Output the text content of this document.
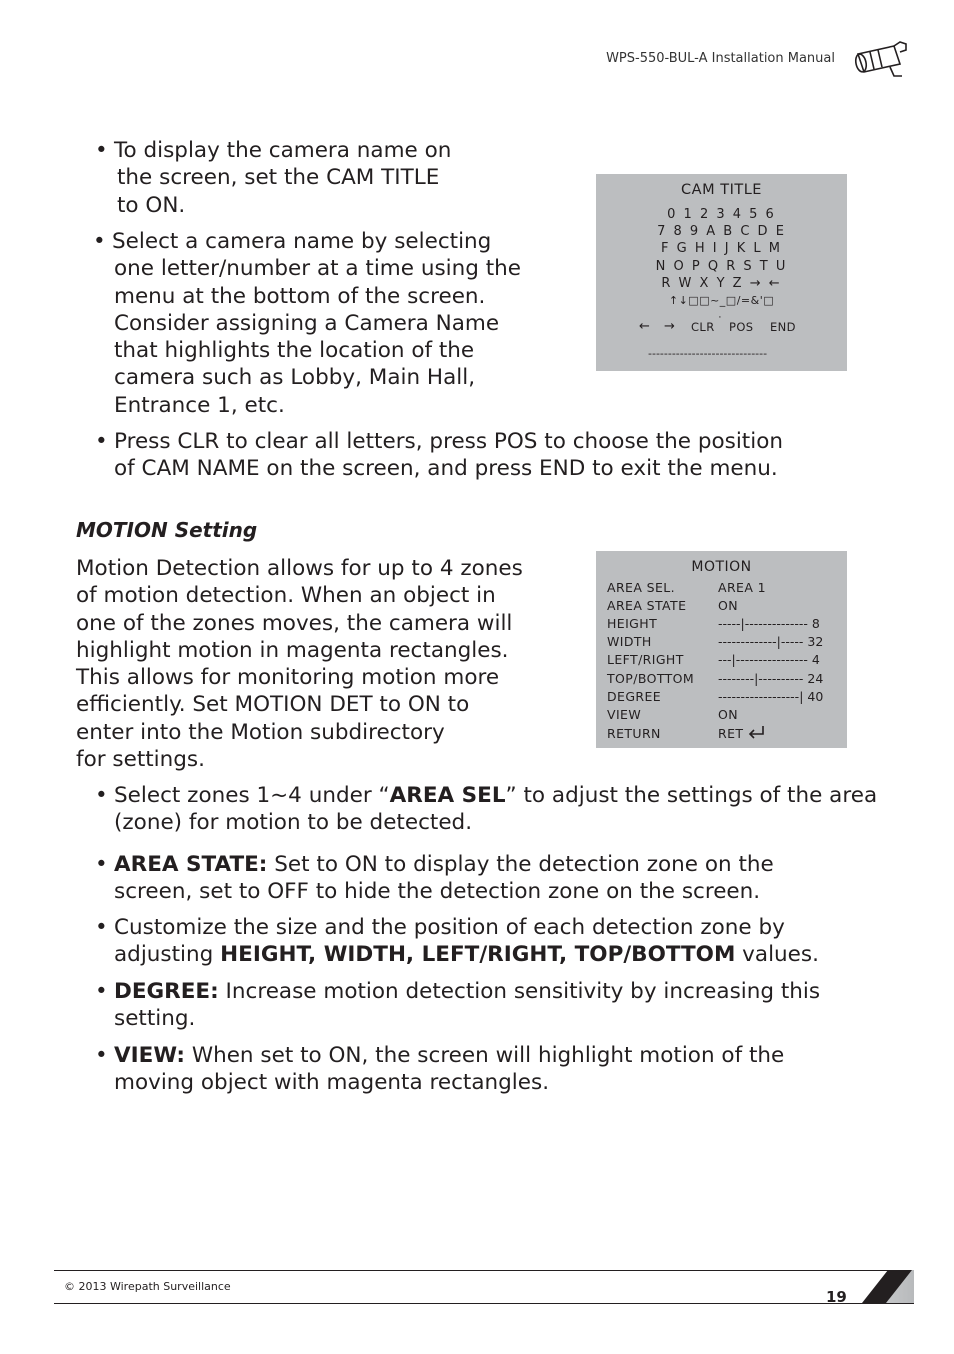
WPS-550-BUL-A Installation Manual
• To display the camera name on
the screen, set the CAM TITLE
to ON.
• Select a camera name by selecting
one letter/number at a time using the
menu at the bottom of the screen.
Consider assigning a Camera Name
that highlights the location of the
camera such as Lobby, Main Hall,
Entrance 1, etc.
• Press CLR to clear all letters, press POS to choose the position
of CAM NAME on the screen, and press END to exit the menu.
CAM TITLE
0 1 2 3 4 5 6
7 8 9 A B C D E
F G H I J K L M
N O P Q R S T U
R W X Y Z → ←
↑↓□□~_□/=&'□
← → CLR ˙ POS END
------------------------------
MOTION Setting
Motion Detection allows for up to 4 zones
of motion detection. When an object in
one of the zones moves, the camera will
highlight motion in magenta rectangles.
This allows for monitoring motion more
efficiently. Set MOTION DET to ON to
enter into the Motion subdirectory
for settings.
MOTION
AREA SEL.	AREA 1
AREA STATE	ON
HEIGHT	-----|-------------- 8
WIDTH	-------------|----- 32
LEFT/RIGHT	---|---------------- 4
TOP/BOTTOM --------|---------- 24
DEGREE	------------------| 40
VIEW	ON
RETURN	RET
• Select zones 1~4 under “AREA SEL” to adjust the settings of the area
(zone) for motion to be detected.
• AREA STATE: Set to ON to display the detection zone on the
screen, set to OFF to hide the detection zone on the screen.
• Customize the size and the position of each detection zone by
adjusting HEIGHT, WIDTH, LEFT/RIGHT, TOP/BOTTOM values.
• DEGREE: Increase motion detection sensitivity by increasing this
setting.
• VIEW: When set to ON, the screen will highlight motion of the
moving object with magenta rectangles.
© 2013 Wirepath Surveillance
19
